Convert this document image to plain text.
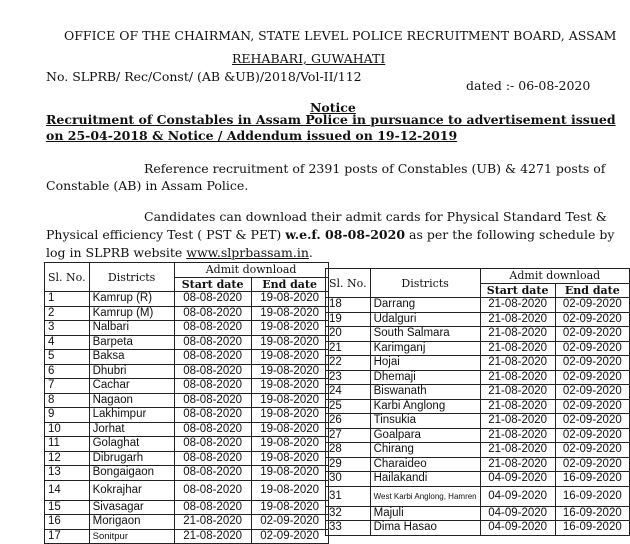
OFFICE OF THE CHAIRMAN, STATE LEVEL POLICE RECRUITMENT BOARD, ASSAM
REHABARI, GUWAHATI
No. SLPRB/ Rec/Const/ (AB &UB)/2018/Vol-II/112
dated :- 06-08-2020
Notice
Recruitment of Constables in Assam Police in pursuance to advertisement issued on 25-04-2018 & Notice / Addendum issued on 19-12-2019
Reference recruitment of 2391 posts of Constables (UB) & 4271 posts of Constable (AB) in Assam Police.
Candidates can download their admit cards for Physical Standard Test & Physical efficiency Test ( PST & PET) w.e.f. 08-08-2020 as per the following schedule by log in SLPRB website www.slprbassam.in.
Sl. No.	Districts	Admit download	
		Start date	End date
1	Kamrup (R)	08-08-2020	19-08-2020
2	Kamrup (M)	08-08-2020	19-08-2020
3	Nalbari	08-08-2020	19-08-2020
4	Barpeta	08-08-2020	19-08-2020
5	Baksa	08-08-2020	19-08-2020
6	Dhubri	08-08-2020	19-08-2020
7	Cachar	08-08-2020	19-08-2020
8	Nagaon	08-08-2020	19-08-2020
9	Lakhimpur	08-08-2020	19-08-2020
10	Jorhat	08-08-2020	19-08-2020
11	Golaghat	08-08-2020	19-08-2020
12	Dibrugarh	08-08-2020	19-08-2020
13	Bongaigaon	08-08-2020	19-08-2020
14	Kokrajhar	08-08-2020	19-08-2020
15	Sivasagar	08-08-2020	19-08-2020
16	Morigaon	21-08-2020	02-09-2020
17	Sonitpur	21-08-2020	02-09-2020
Sl. No.	Districts	Admit download	
		Start date	End date
18	Darrang	21-08-2020	02-09-2020
19	Udalguri	21-08-2020	02-09-2020
20	South Salmara	21-08-2020	02-09-2020
21	Karimganj	21-08-2020	02-09-2020
22	Hojai	21-08-2020	02-09-2020
23	Dhemaji	21-08-2020	02-09-2020
24	Biswanath	21-08-2020	02-09-2020
25	Karbi Anglong	21-08-2020	02-09-2020
26	Tinsukia	21-08-2020	02-09-2020
27	Goalpara	21-08-2020	02-09-2020
28	Chirang	21-08-2020	02-09-2020
29	Charaideo	21-08-2020	02-09-2020
30	Hailakandi	04-09-2020	16-09-2020
31	West Karbi Anglong, Hamren	04-09-2020	16-09-2020
32	Majuli	04-09-2020	16-09-2020
33	Dima Hasao	04-09-2020	16-09-2020
